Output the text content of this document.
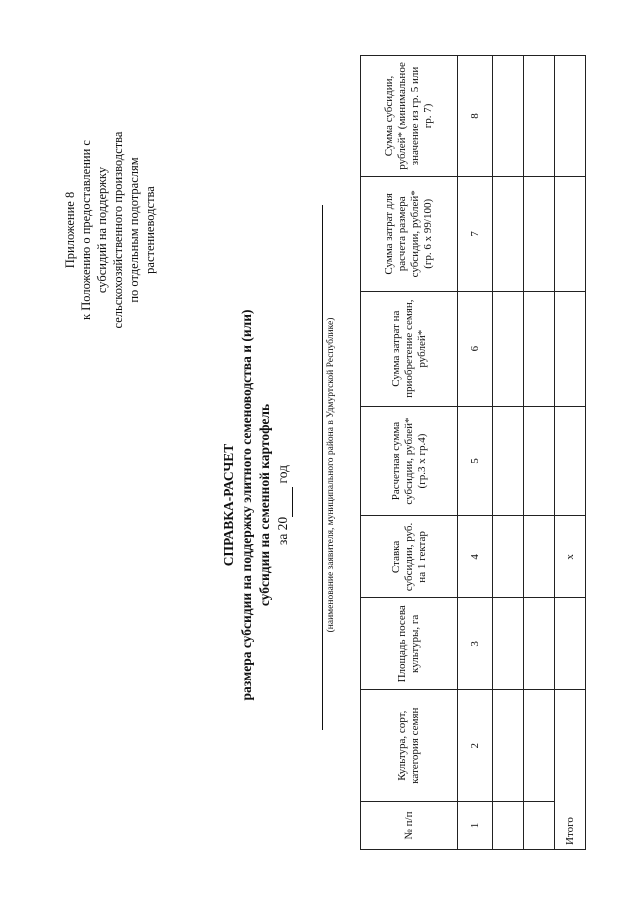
Приложение 8 к Положению о предоставлении с субсидий на поддержку сельскохозяйственного производства по отдельным подотраслям растениеводства
СПРАВКА-РАСЧЕТ размера субсидии на поддержку элитного семеноводства и (или) субсидии на семенной картофель за 20  год	(наименование заявителя, муниципального района в Удмуртской Республике)
№ п/п	Культура, сорт, категория семян	Площадь посева культуры, га	Ставка субсидии, руб. на 1 гектар	Расчетная сумма субсидии, рублей* (гр.3 х гр.4)	Сумма затрат на приобретение семян, рублей*	Сумма затрат для расчета размера субсидии, рублей* (гр. 6 х 99/100)	Сумма субсидии, рублей* (минимальное значение из гр. 5 или гр. 7)
1	2	3	4	5	6	7	8

Итого			x				
